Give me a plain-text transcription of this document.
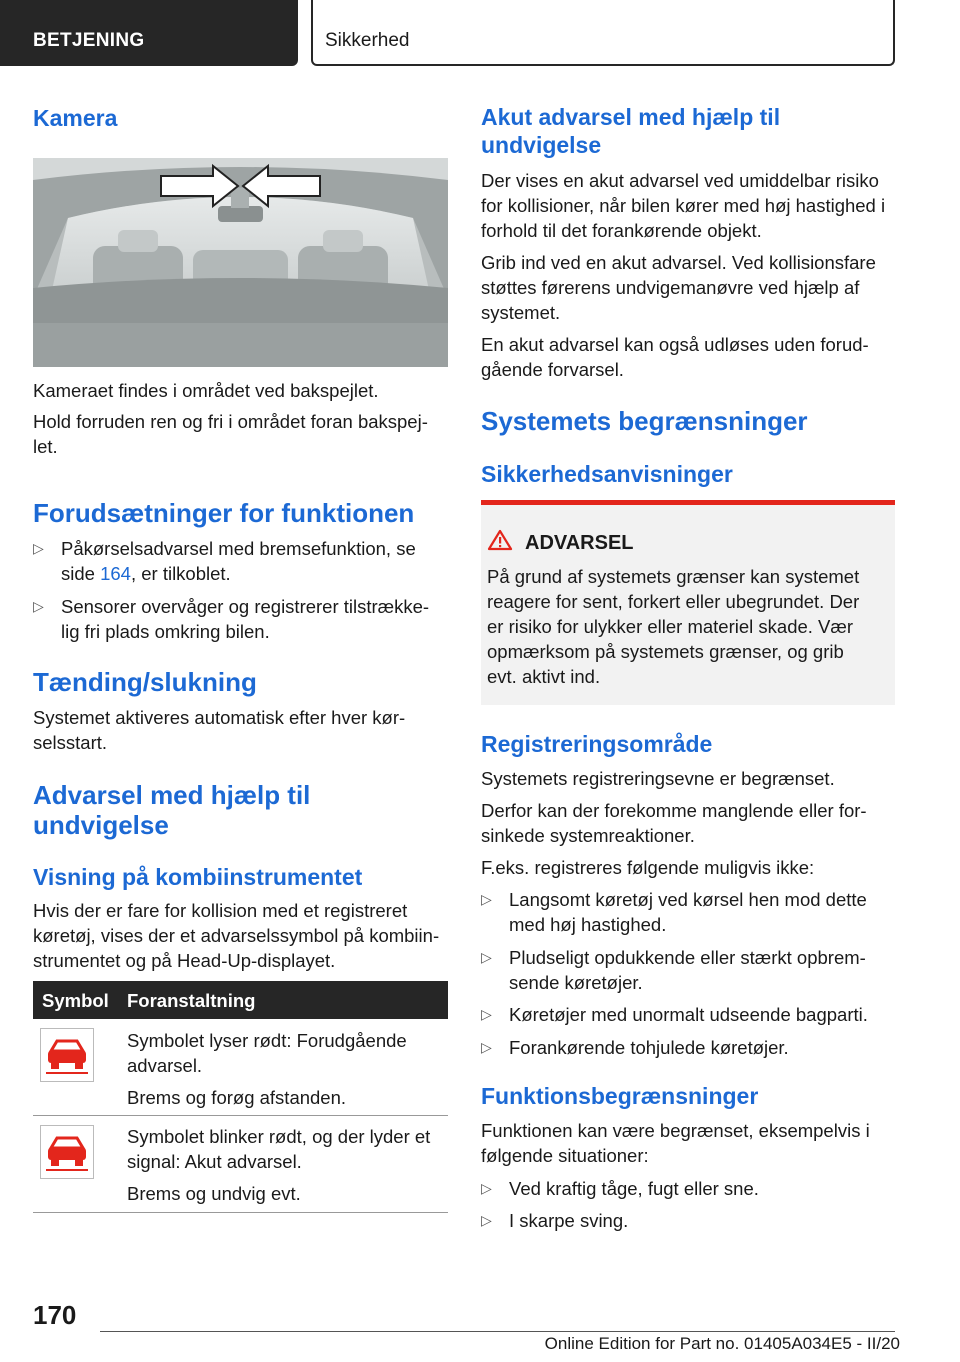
BETJENING	Sikkerhed
Kamera
Kameraet findes i området ved bakspejlet.
Hold forruden ren og fri i området foran bakspej-
let.
Forudsætninger for funktionen
▷ Påkørselsadvarsel med bremsefunktion, se
side 164, er tilkoblet.
▷ Sensorer overvåger og registrerer tilstrække-
lig fri plads omkring bilen.
Tænding/slukning
Systemet aktiveres automatisk efter hver kør-
selsstart.
Advarsel med hjælp til
undvigelse
Visning på kombiinstrumentet
Hvis der er fare for kollision med et registreret
køretøj, vises der et advarselssymbol på kombiin-
strumentet og på Head-Up-displayet.
Symbol Foranstaltning
Symbolet lyser rødt: Forudgående
advarsel.
Brems og forøg afstanden.
Symbolet blinker rødt, og der lyder et
signal: Akut advarsel.
Brems og undvig evt.
Akut advarsel med hjælp til
undvigelse
Der vises en akut advarsel ved umiddelbar risiko
for kollisioner, når bilen kører med høj hastighed i
forhold til det forankørende objekt.
Grib ind ved en akut advarsel. Ved kollisionsfare
støttes førerens undvigemanøvre ved hjælp af
systemet.
En akut advarsel kan også udløses uden forud-
gående forvarsel.
Systemets begrænsninger
Sikkerhedsanvisninger
ADVARSEL
På grund af systemets grænser kan systemet
reagere for sent, forkert eller ubegrundet. Der
er risiko for ulykker eller materiel skade. Vær
opmærksom på systemets grænser, og grib
evt. aktivt ind.
Registreringsområde
Systemets registreringsevne er begrænset.
Derfor kan der forekomme manglende eller for-
sinkede systemreaktioner.
F.eks. registreres følgende muligvis ikke:
▷ Langsomt køretøj ved kørsel hen mod dette
med høj hastighed.
▷ Pludseligt opdukkende eller stærkt opbrem-
sende køretøjer.
▷ Køretøjer med unormalt udseende bagparti.
▷ Forankørende tohjulede køretøjer.
Funktionsbegrænsninger
Funktionen kan være begrænset, eksempelvis i
følgende situationer:
▷ Ved kraftig tåge, fugt eller sne.
▷ I skarpe sving.
170
Online Edition for Part no. 01405A034E5 - II/20
